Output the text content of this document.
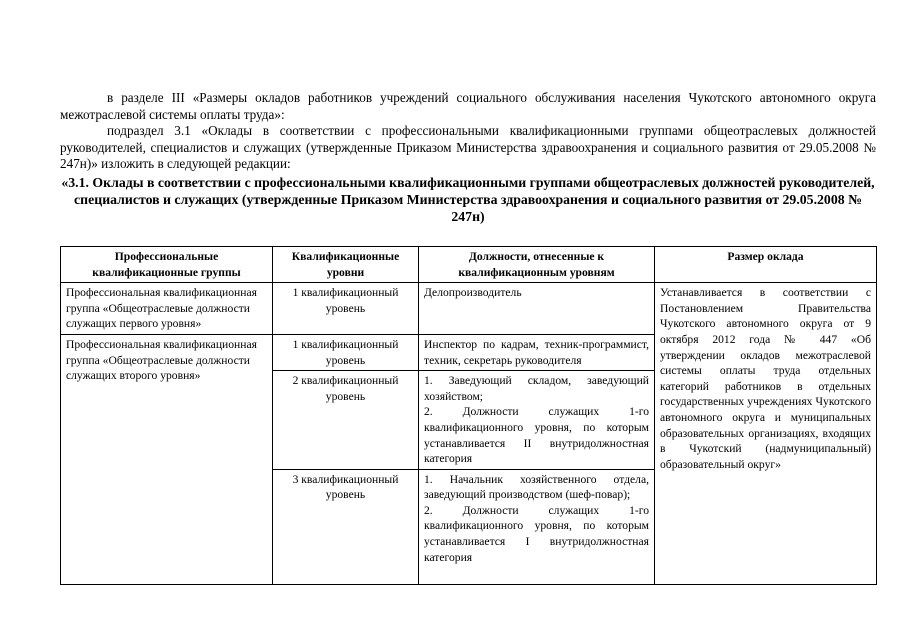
в разделе III «Размеры окладов работников учреждений социального обслуживания населения Чукотского автономного округа межотраслевой системы оплаты труда»:

подраздел 3.1 «Оклады в соответствии с профессиональными квалификационными группами общеотраслевых должностей руководителей, специалистов и служащих (утвержденные Приказом Министерства здравоохранения и социального развития от 29.05.2008 № 247н)» изложить в следующей редакции:

«3.1. Оклады в соответствии с профессиональными квалификационными группами общеотраслевых должностей руководителей, специалистов и служащих (утвержденные Приказом Министерства здравоохранения и социального развития от 29.05.2008 № 247н)

Профессиональные квалификационные группы	Квалификационные уровни	Должности, отнесенные к квалификационным уровням	Размер оклада
Профессиональная квалификационная группа «Общеотраслевые должности служащих первого уровня»	1 квалификационный уровень	Делопроизводитель	Устанавливается в соответствии с Постановлением Правительства Чукотского автономного округа от 9 октября 2012 года № 447 «Об утверждении окладов межотраслевой системы оплаты труда отдельных категорий работников в отдельных государственных учреждениях Чукотского автономного округа и муниципальных образовательных организациях, входящих в Чукотский (надмуниципальный) образовательный округ»
Профессиональная квалификационная группа «Общеотраслевые должности служащих второго уровня»	1 квалификационный уровень	Инспектор по кадрам, техник-программист, техник, секретарь руководителя	

	2 квалификационный уровень	1. Заведующий складом, заведующий хозяйством;
2. Должности служащих 1-го квалификационного уровня, по которым устанавливается II внутридолжностная категория	

	3 квалификационный уровень	1. Начальник хозяйственного отдела, заведующий производством (шеф-повар);
2. Должности служащих 1-го квалификационного уровня, по которым устанавливается I внутридолжностная категория	
